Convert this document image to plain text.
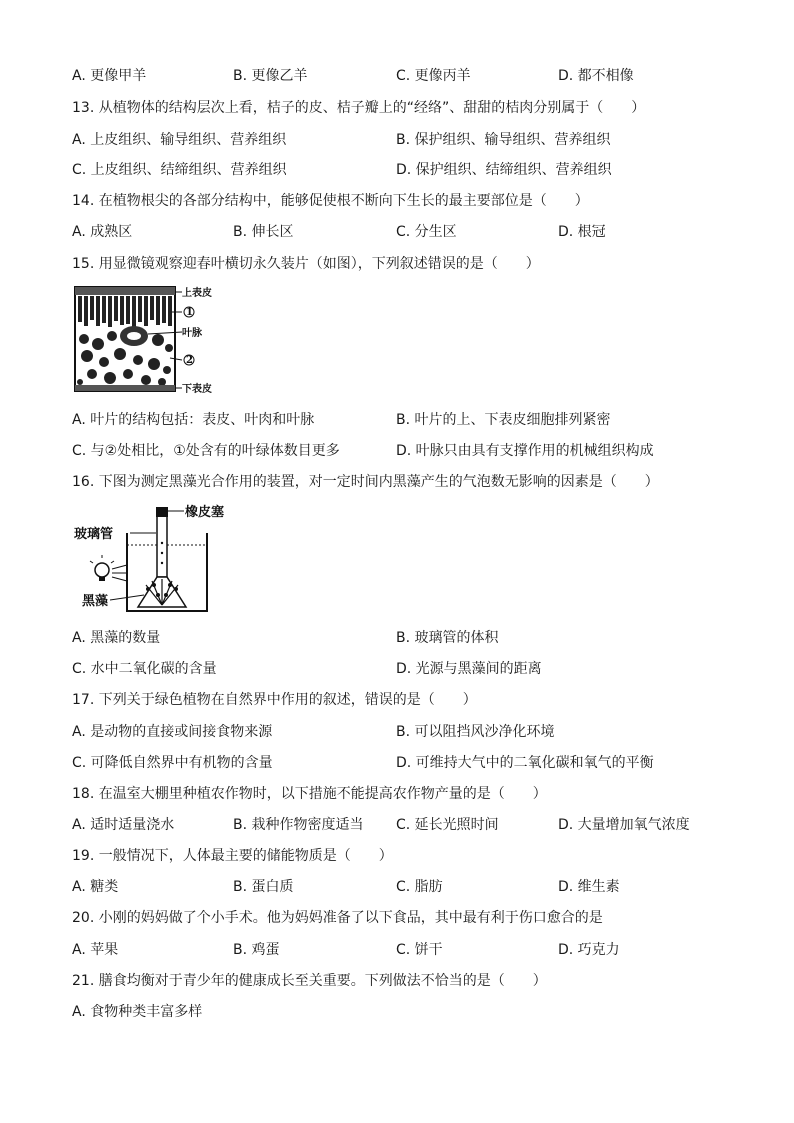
A. 更像甲羊	B. 更像乙羊	C. 更像丙羊	D. 都不相像
13. 从植物体的结构层次上看，桔子的皮、桔子瓣上的“经络”、甜甜的桔肉分别属于（　　）
A. 上皮组织、输导组织、营养组织	B. 保护组织、输导组织、营养组织
C. 上皮组织、结缔组织、营养组织	D. 保护组织、结缔组织、营养组织
14. 在植物根尖的各部分结构中，能够促使根不断向下生长的最主要部位是（　　）
A. 成熟区	B. 伸长区	C. 分生区	D. 根冠
15. 用显微镜观察迎春叶横切永久装片（如图），下列叙述错误的是（　　）
上表皮
1
叶脉
2
下表皮
A. 叶片的结构包括：表皮、叶肉和叶脉	B. 叶片的上、下表皮细胞排列紧密
C. 与②处相比，①处含有的叶绿体数目更多	D. 叶脉只由具有支撑作用的机械组织构成
16. 下图为测定黑藻光合作用的装置，对一定时间内黑藻产生的气泡数无影响的因素是（　　）
橡皮塞
玻璃管
黑藻
A. 黑藻的数量	B. 玻璃管的体积
C. 水中二氧化碳的含量	D. 光源与黑藻间的距离
17. 下列关于绿色植物在自然界中作用的叙述，错误的是（　　）
A. 是动物的直接或间接食物来源	B. 可以阻挡风沙净化环境
C. 可降低自然界中有机物的含量	D. 可维持大气中的二氧化碳和氧气的平衡
18. 在温室大棚里种植农作物时，以下措施不能提高农作物产量的是（　　）
A. 适时适量浇水	B. 栽种作物密度适当 C. 延长光照时间	D. 大量增加氧气浓度
19. 一般情况下，人体最主要的储能物质是（　　）
A. 糖类	B. 蛋白质	C. 脂肪	D. 维生素
20. 小刚的妈妈做了个小手术。他为妈妈准备了以下食品，其中最有利于伤口愈合的是
A. 苹果	B. 鸡蛋	C. 饼干	D. 巧克力
21. 膳食均衡对于青少年的健康成长至关重要。下列做法不恰当的是（　　）
A. 食物种类丰富多样
